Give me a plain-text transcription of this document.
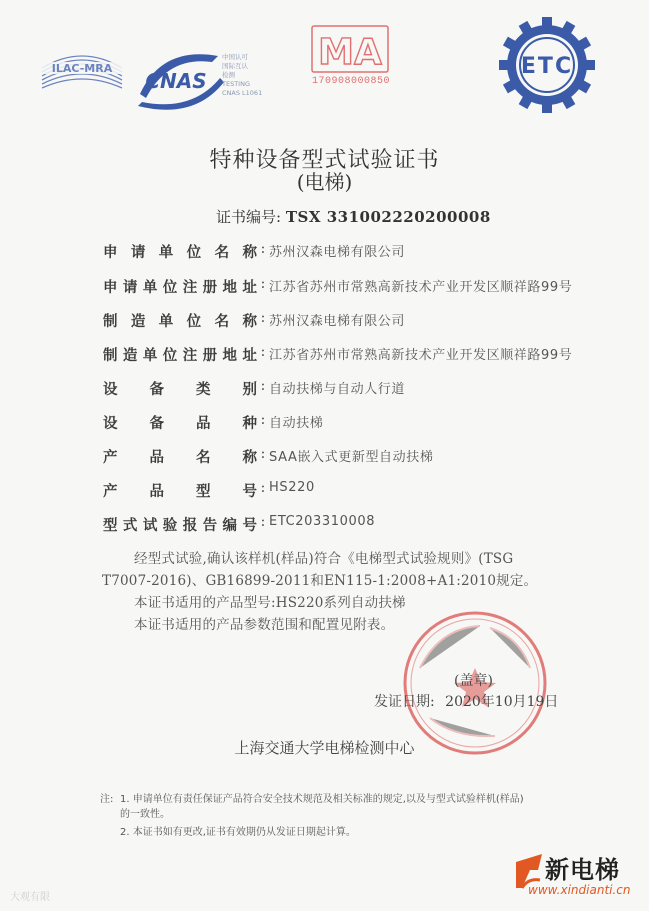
ILAC-MRA
CNAS
中国认可
国际互认
检测
TESTING
CNAS L1061
MA
170908000850
ETC
特种设备型式试验证书
(电梯)
证书编号: TSX 331002220200008
申 请 单 位 名 称 : 苏州汉森电梯有限公司
申 请 单 位 注 册 地 址 : 江苏省苏州市常熟高新技术产业开发区顺祥路99号
制 造 单 位 名 称 : 苏州汉森电梯有限公司
制 造 单 位 注 册 地 址 : 江苏省苏州市常熟高新技术产业开发区顺祥路99号
设 备 类 别 : 自动扶梯与自动人行道
设 备 品 种 : 自动扶梯
产 品 名 称 : SAA嵌入式更新型自动扶梯
产 品 型 号 : HS220
型 式 试 验 报 告 编 号 : ETC203310008
经型式试验,确认该样机(样品)符合《电梯型式试验规则》(TSG
T7007-2016)、GB16899-2011和EN115-1:2008+A1:2010规定。
本证书适用的产品型号:HS220系列自动扶梯
本证书适用的产品参数范围和配置见附表。
(盖章)
发证日期: 2020年10月19日
上海交通大学电梯检测中心
注: 1. 申请单位有责任保证产品符合安全技术规范及相关标准的规定,以及与型式试验样机(样品)
的一致性。
2. 本证书如有更改,证书有效期仍从发证日期起计算。
新电梯
www.xindianti.cn
大观有限
